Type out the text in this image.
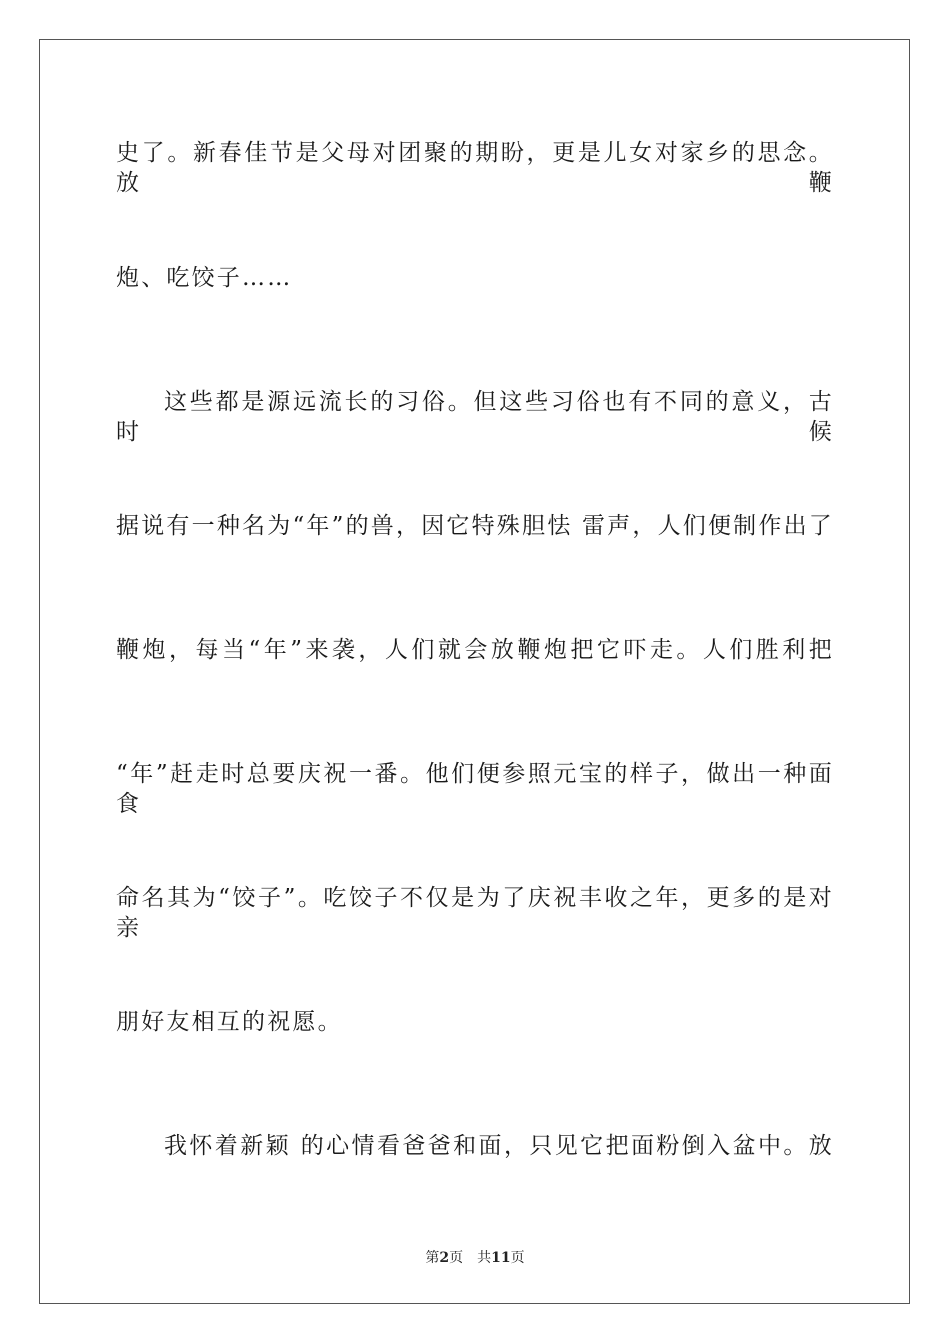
史了。新春佳节是父母对团聚的期盼，更是儿女对家乡的思念。放鞭
炮、吃饺子……
这些都是源远流长的习俗。但这些习俗也有不同的意义，古时候
据说有一种名为“年”的兽，因它特殊胆怯 雷声，人们便制作出了
鞭炮，每当“年”来袭，人们就会放鞭炮把它吓走。人们胜利把
“年”赶走时总要庆祝一番。他们便参照元宝的样子，做出一种面食
命名其为“饺子”。吃饺子不仅是为了庆祝丰收之年，更多的是对亲
朋好友相互的祝愿。
我怀着新颖 的心情看爸爸和面，只见它把面粉倒入盆中。放
第2页 共11页
